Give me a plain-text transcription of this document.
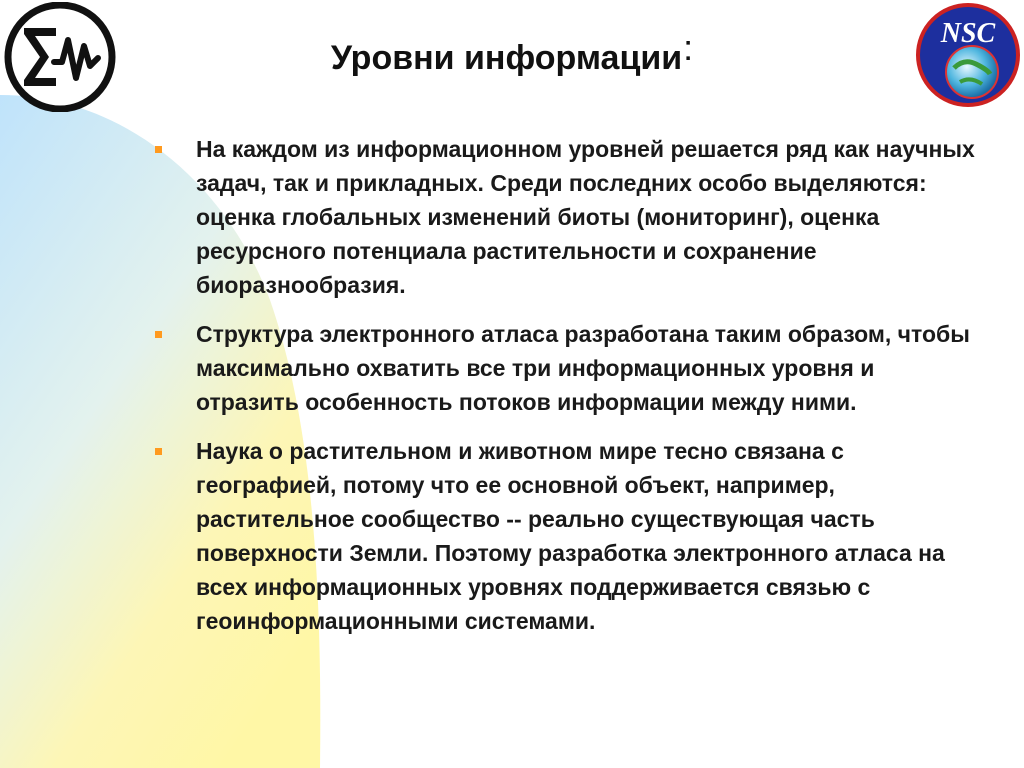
NSC
Уровни информации:
На каждом из информационном уровней решается ряд как научных задач, так и прикладных. Среди последних особо выделяются: оценка глобальных изменений биоты (мониторинг), оценка ресурсного потенциала растительности и сохранение биоразнообразия.
Структура электронного атласа разработана таким образом, чтобы максимально охватить все три информационных уровня и отразить особенность потоков информации между ними.
Наука о растительном и животном мире тесно связана с географией, потому что ее основной объект, например, растительное сообщество -- реально существующая часть поверхности Земли. Поэтому разработка электронного атласа на всех информационных уровнях поддерживается связью с геоинформационными системами.
